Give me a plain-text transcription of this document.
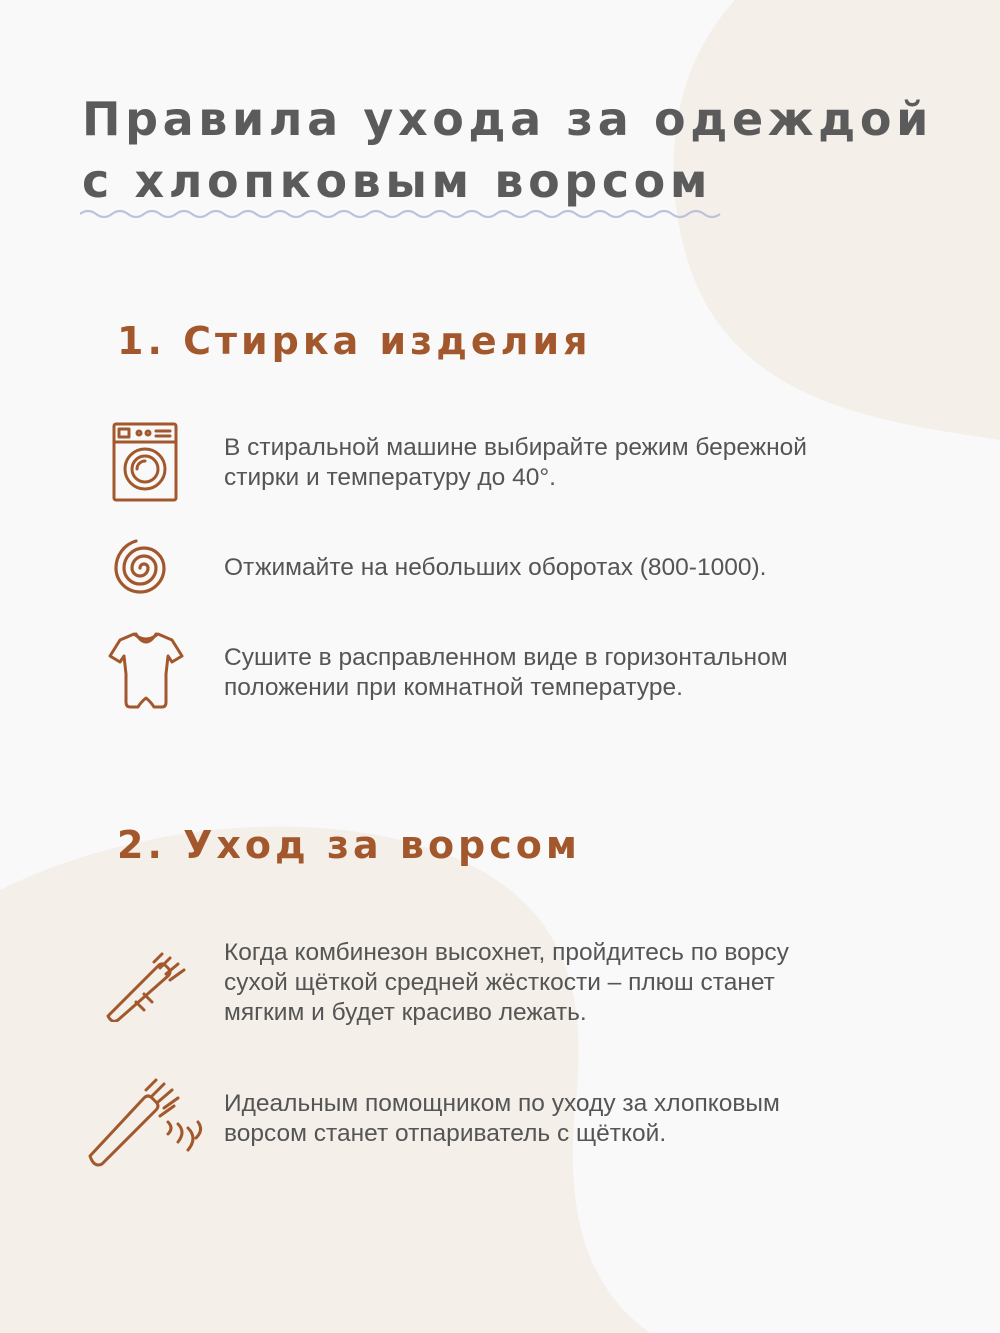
Правила ухода за одеждой
с хлопковым ворсом
1. Стирка изделия

В стиральной машине выбирайте режим бережной
стирки и температуру до 40°.

Отжимайте на небольших оборотах (800-1000).

Сушите в расправленном виде в горизонтальном
положении при комнатной температуре.

2. Уход за ворсом

Когда комбинезон высохнет, пройдитесь по ворсу
сухой щёткой средней жёсткости – плюш станет
мягким и будет красиво лежать.

Идеальным помощником по уходу за хлопковым
ворсом станет отпариватель с щёткой.
